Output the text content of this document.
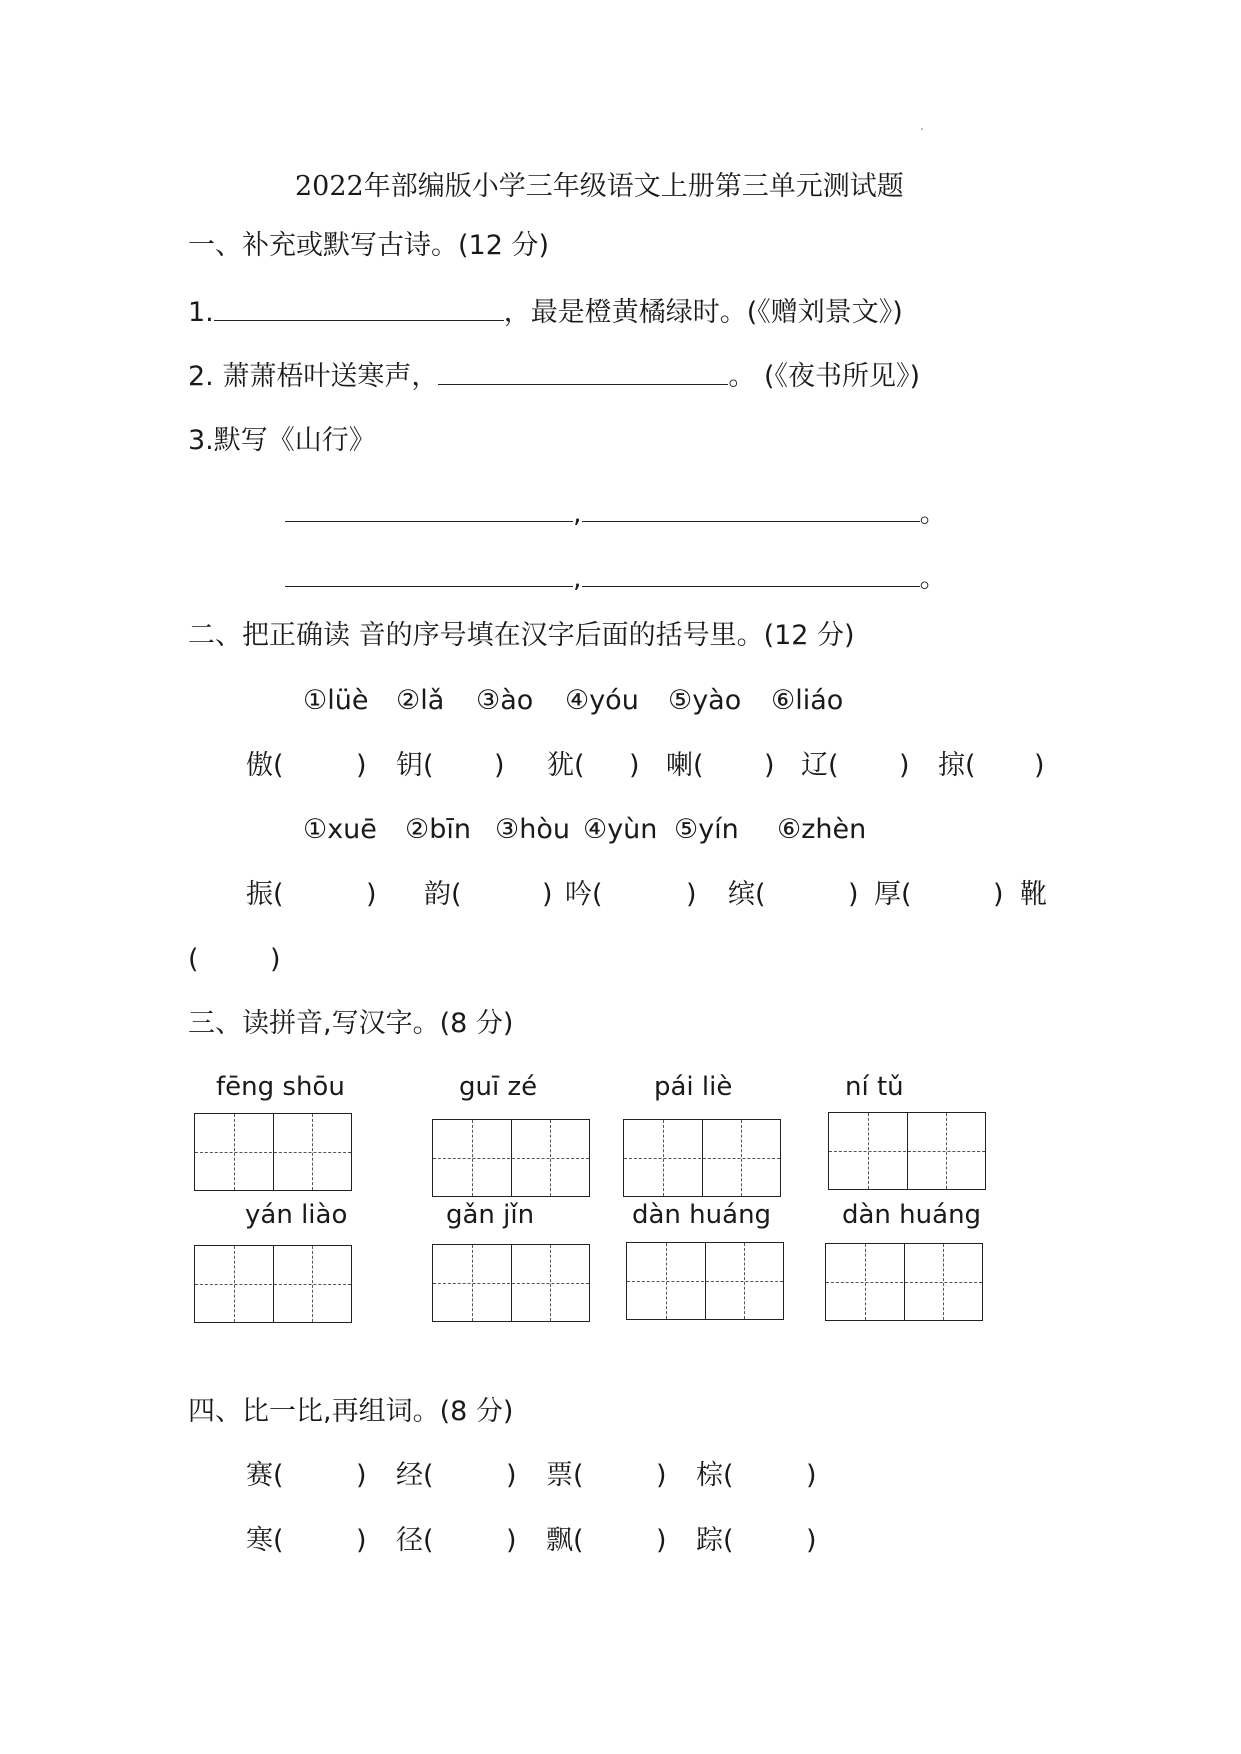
2022年部编版小学三年级语文上册第三单元测试题
一、补充或默写古诗。(12 分)
1.	，最是橙黄橘绿时。(《赠刘景文》)
2. 萧萧梧叶送寒声，	。 (《夜书所见》)
3.默写《山行》
,	。
,	。
二、把正确读 音的序号填在汉字后面的括号里。(12 分)
①lüè ②lǎ ③ào ④yóu ⑤yào ⑥liáo
傲(	) 钥( ) 犹( ) 喇( ) 辽( ) 掠( )
①xuē ②bīn ③hòu ④yùn ⑤yín ⑥zhèn
振(	) 韵(	) 吟(	) 缤(	) 厚(	) 靴
(	)
三、读拼音,写汉字。(8 分)
fēng shōu	guī zé	pái liè	ní tǔ
yán liào	gǎn jǐn	dàn huáng	dàn huáng
四、比一比,再组词。(8 分)
赛(	) 经(	) 票(	) 棕(	)
寒(	) 径(	) 飘(	) 踪(	)
